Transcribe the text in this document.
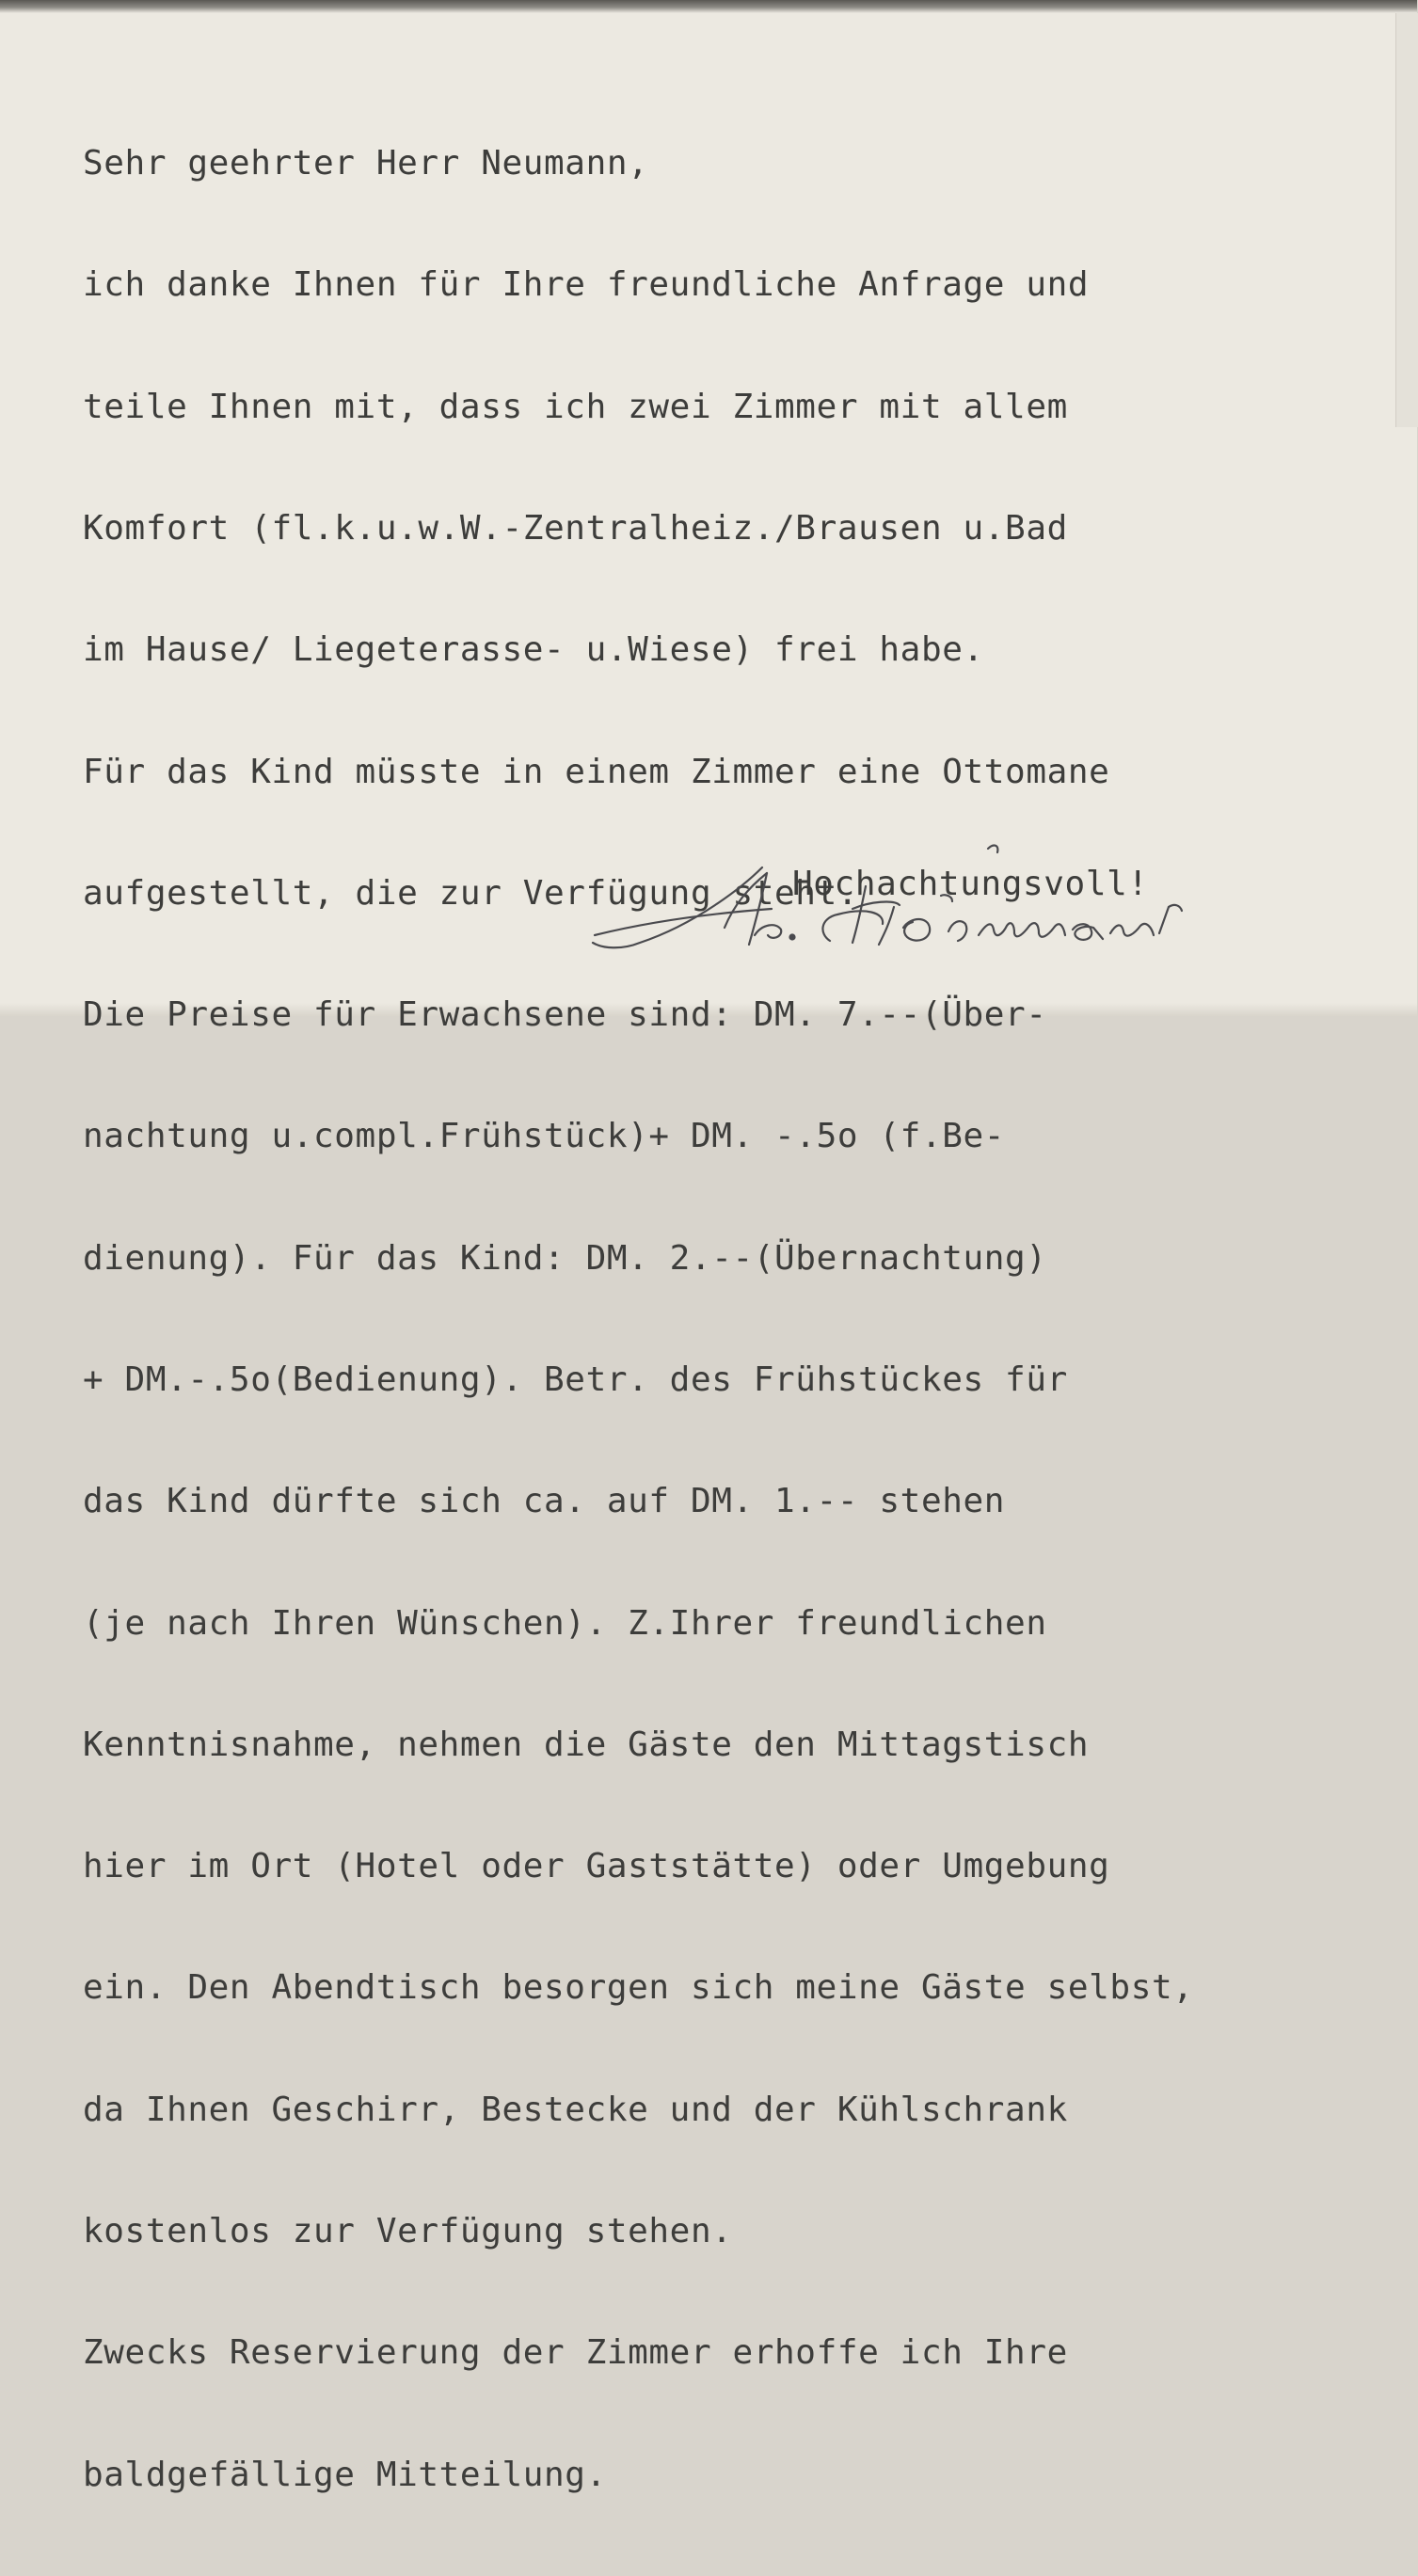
Sehr geehrter Herr Neumann,

ich danke Ihnen für Ihre freundliche Anfrage und

teile Ihnen mit, dass ich zwei Zimmer mit allem

Komfort (fl.k.u.w.W.-Zentralheiz./Brausen u.Bad

im Hause/ Liegeterasse- u.Wiese) frei habe.

Für das Kind müsste in einem Zimmer eine Ottomane

aufgestellt, die zur Verfügung steht.

Die Preise für Erwachsene sind: DM. 7.--(Über-

nachtung u.compl.Frühstück)+ DM. -.5o (f.Be-

dienung). Für das Kind: DM. 2.--(Übernachtung)

+ DM.-.5o(Bedienung). Betr. des Frühstückes für

das Kind dürfte sich ca. auf DM. 1.-- stehen

(je nach Ihren Wünschen). Z.Ihrer freundlichen

Kenntnisnahme, nehmen die Gäste den Mittagstisch

hier im Ort (Hotel oder Gaststätte) oder Umgebung

ein. Den Abendtisch besorgen sich meine Gäste selbst,

da Ihnen Geschirr, Bestecke und der Kühlschrank

kostenlos zur Verfügung stehen.

Zwecks Reservierung der Zimmer erhoffe ich Ihre

baldgefällige Mitteilung.

Hochachtungsvoll!
